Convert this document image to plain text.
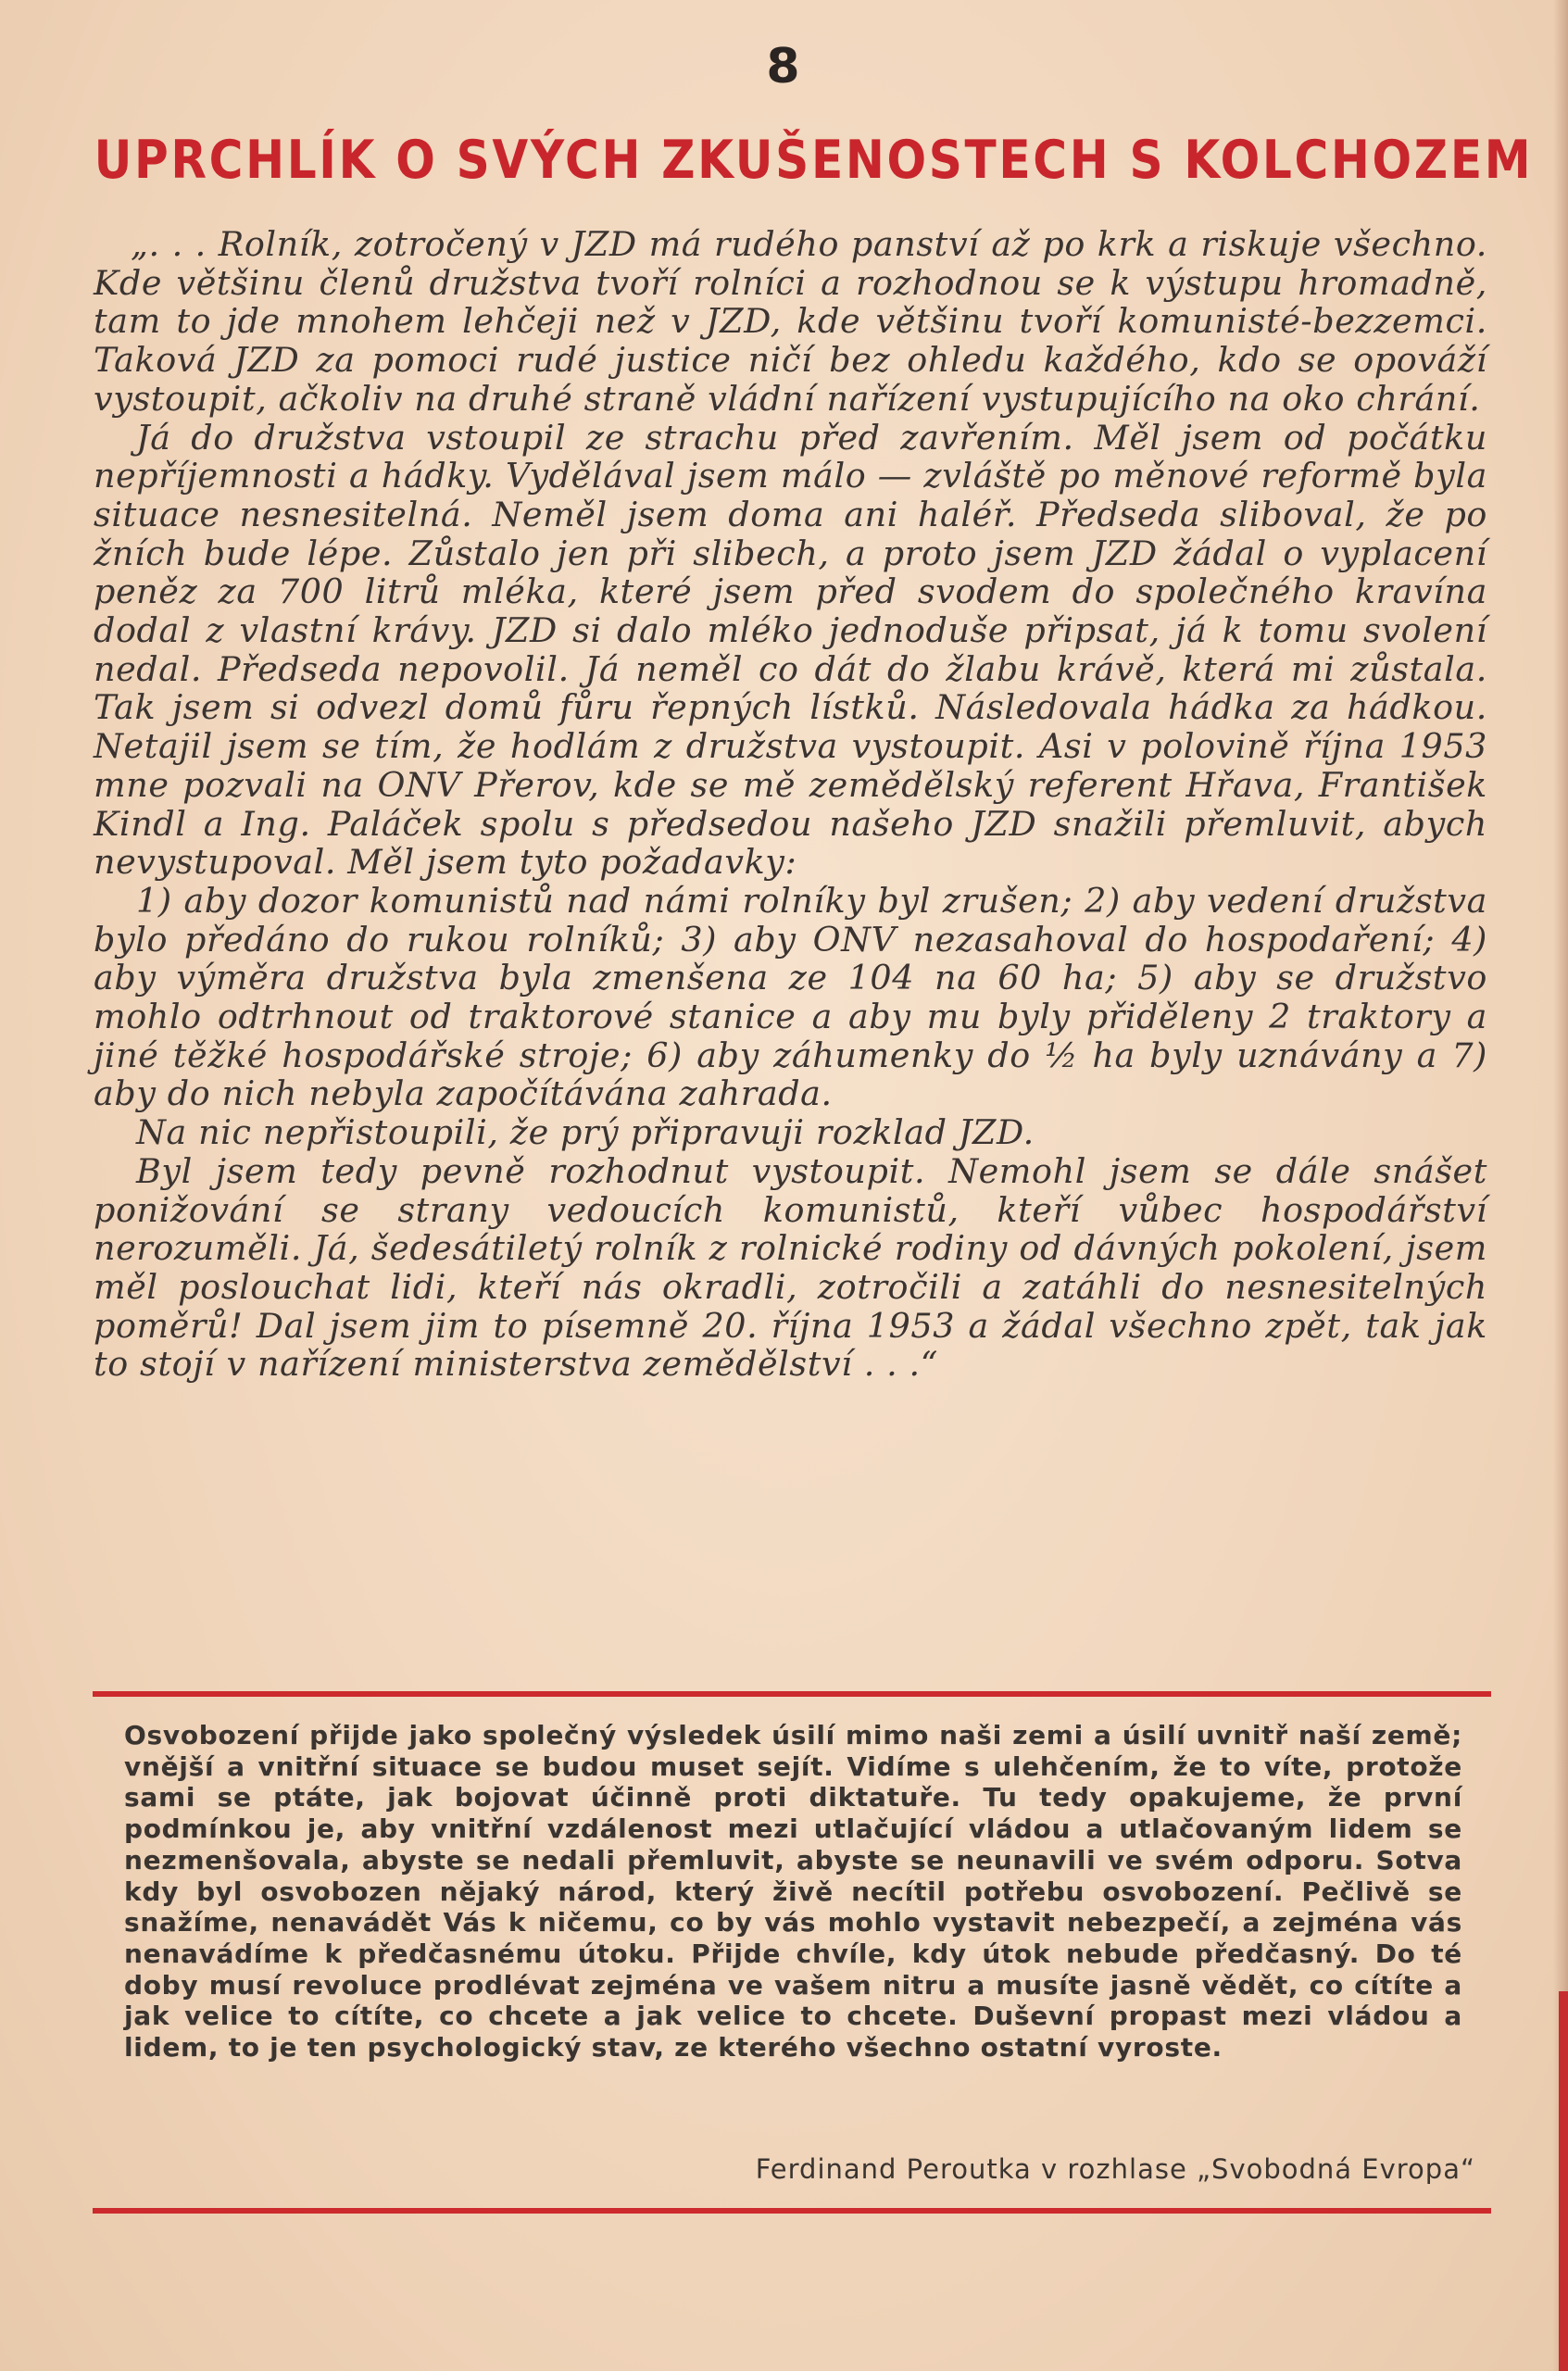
8
UPRCHLÍK O SVÝCH ZKUŠENOSTECH S KOLCHOZEM

„. . . Rolník, zotročený v JZD má rudého panství až po krk a riskuje všechno. Kde většinu členů družstva tvoří rolníci a rozhodnou se k výstupu hromadně, tam to jde mnohem lehčeji než v JZD, kde většinu tvoří komunisté-bezzemci. Taková JZD za pomoci rudé justice ničí bez ohledu každého, kdo se opováží vystoupit, ačkoliv na druhé straně vládní nařízení vystupujícího na oko chrání.

Já do družstva vstoupil ze strachu před zavřením. Měl jsem od počátku nepříjemnosti a hádky. Vydělával jsem málo — zvláště po měnové reformě byla situace nesnesitelná. Neměl jsem doma ani haléř. Předseda sliboval, že po žních bude lépe. Zůstalo jen při slibech, a proto jsem JZD žádal o vyplacení peněz za 700 litrů mléka, které jsem před svodem do společného kravína dodal z vlastní krávy. JZD si dalo mléko jednoduše připsat, já k tomu svolení nedal. Předseda nepovolil. Já neměl co dát do žlabu krávě, která mi zůstala. Tak jsem si odvezl domů fůru řepných lístků. Následovala hádka za hádkou. Netajil jsem se tím, že hodlám z družstva vystoupit. Asi v polovině října 1953 mne pozvali na ONV Přerov, kde se mě zemědělský referent Hřava, František Kindl a Ing. Paláček spolu s předsedou našeho JZD snažili přemluvit, abych nevystupoval. Měl jsem tyto požadavky:

1) aby dozor komunistů nad námi rolníky byl zrušen; 2) aby vedení družstva bylo předáno do rukou rolníků; 3) aby ONV nezasahoval do hospodaření; 4) aby výměra družstva byla zmenšena ze 104 na 60 ha; 5) aby se družstvo mohlo odtrhnout od traktorové stanice a aby mu byly přiděleny 2 traktory a jiné těžké hospodářské stroje; 6) aby záhumenky do ½ ha byly uznávány a 7) aby do nich nebyla započítávána zahrada.

Na nic nepřistoupili, že prý připravuji rozklad JZD.

Byl jsem tedy pevně rozhodnut vystoupit. Nemohl jsem se dále snášet ponižování se strany vedoucích komunistů, kteří vůbec hospodářství nerozuměli. Já, šedesátiletý rolník z rolnické rodiny od dávných pokolení, jsem měl poslouchat lidi, kteří nás okradli, zotročili a zatáhli do nesnesitelných poměrů! Dal jsem jim to písemně 20. října 1953 a žádal všechno zpět, tak jak to stojí v nařízení ministerstva zemědělství . . .“

Osvobození přijde jako společný výsledek úsilí mimo naši zemi a úsilí uvnitř naší země; vnější a vnitřní situace se budou muset sejít. Vidíme s ulehčením, že to víte, protože sami se ptáte, jak bojovat účinně proti diktatuře. Tu tedy opakujeme, že první podmínkou je, aby vnitřní vzdálenost mezi utlačující vládou a utlačovaným lidem se nezmenšovala, abyste se nedali přemluvit, abyste se neunavili ve svém odporu. Sotva kdy byl osvobozen nějaký národ, který živě necítil potřebu osvobození. Pečlivě se snažíme, nenavádět Vás k ničemu, co by vás mohlo vystavit nebezpečí, a zejména vás nenavádíme k předčasnému útoku. Přijde chvíle, kdy útok nebude předčasný. Do té doby musí revoluce prodlévat zejména ve vašem nitru a musíte jasně vědět, co cítíte a jak velice to cítíte, co chcete a jak velice to chcete. Duševní propast mezi vládou a lidem, to je ten psychologický stav, ze kterého všechno ostatní vyroste.

Ferdinand Peroutka v rozhlase „Svobodná Evropa“
